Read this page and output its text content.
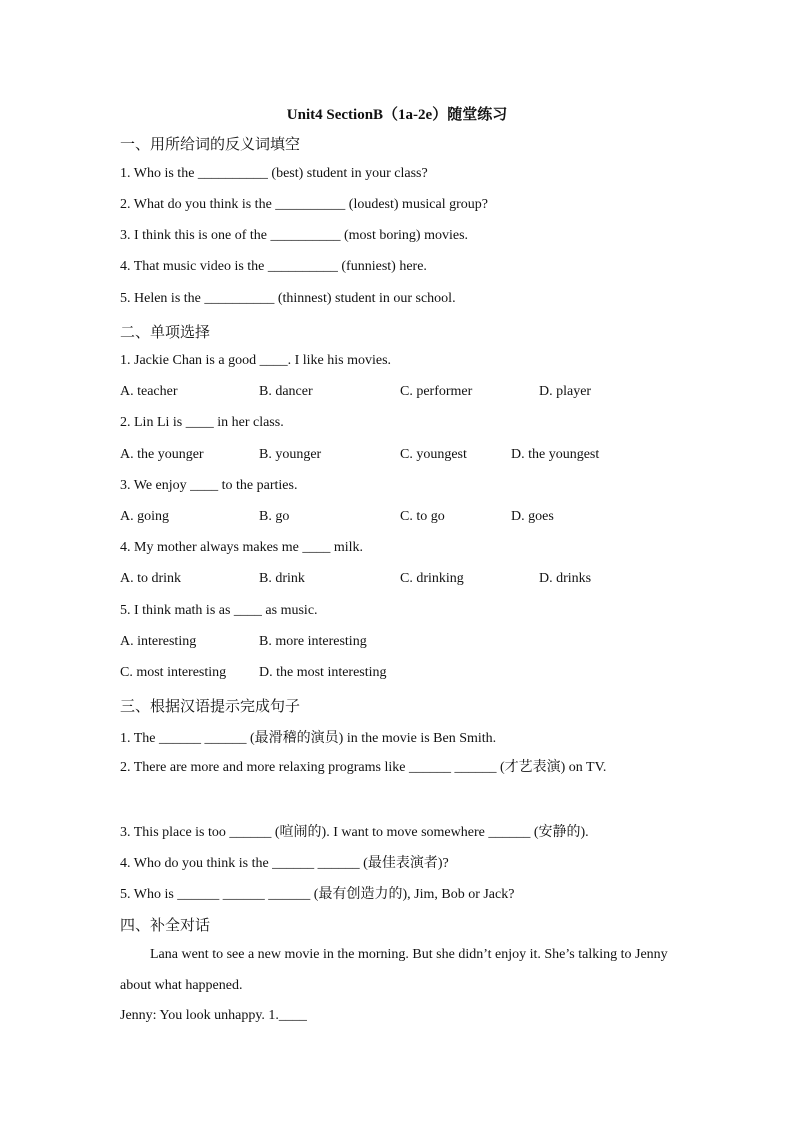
Unit4 SectionB（1a-2e）随堂练习
一、用所给词的反义词填空
1. Who is the __________ (best) student in your class?
2. What do you think is the __________ (loudest) musical group?
3. I think this is one of the __________ (most boring) movies.
4. That music video is the __________ (funniest) here.
5. Helen is the __________ (thinnest) student in our school.
二、单项选择
1. Jackie Chan is a good ____. I like his movies.
A. teacher	B. dancer	C. performer	D. player
2. Lin Li is ____ in her class.
A. the younger	B. younger	C. youngest	D. the youngest
3. We enjoy ____ to the parties.
A. going	B. go	C. to go	D. goes
4. My mother always makes me ____ milk.
A. to drink	B. drink	C. drinking	D. drinks
5. I think math is as ____ as music.
A. interesting	B. more interesting
C. most interesting D. the most interesting
三、根据汉语提示完成句子
1. The ______ ______ (最滑稽的演员) in the movie is Ben Smith.
2. There are more and more relaxing programs like ______ ______ (才艺表演) on TV.
3. This place is too ______ (喧闹的). I want to move somewhere ______ (安静的).
4. Who do you think is the ______ ______ (最佳表演者)?
5. Who is ______ ______ ______ (最有创造力的), Jim, Bob or Jack?
四、补全对话
Lana went to see a new movie in the morning. But she didn’t enjoy it. She’s talking to Jenny about what happened.
Jenny: You look unhappy. 1.____
